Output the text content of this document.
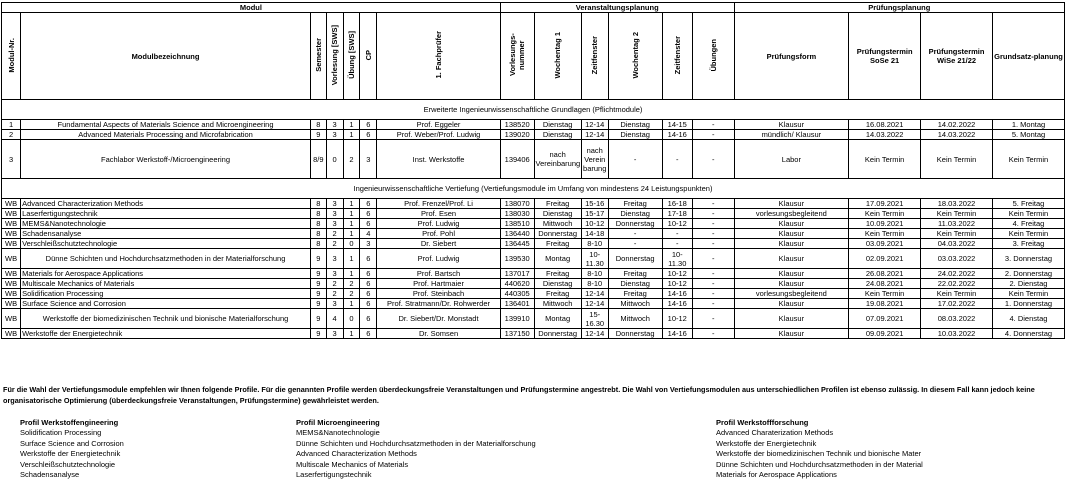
Modul							Veranstaltungsplanung						Prüfungsplanung			
Modul-Nr.	Modulbezeichnung	Semester	Vorlesung [SWS]	Übung [SWS]	CP	1. Fachprüfer	Vorlesungs-nummer	Wochentag 1	Zeitfenster	Wochentag 2	Zeitfenster	Übungen	Prüfungsform	Prüfungstermin SoSe 21	Prüfungstermin WiSe 21/22	Grundsatz-planung
Erweiterte Ingenieurwissenschaftliche Grundlagen (Pflichtmodule)																
1	Fundamental Aspects of Materials Science and Microengineering	8	3	1	6	Prof. Eggeler	138520	Dienstag	12-14	Dienstag	14-15	-	Klausur	16.08.2021	14.02.2022	1. Montag
2	Advanced Materials Processing and Microfabrication	9	3	1	6	Prof. Weber/Prof. Ludwig	139020	Dienstag	12-14	Dienstag	14-16	-	mündlich/ Klausur	14.03.2022	14.03.2022	5. Montag
3	Fachlabor Werkstoff-/Microengineering	8/9	0	2	3	Inst. Werkstoffe	139406	nach Vereinbarung	nach Verein barung	-	-	-	Labor	Kein Termin	Kein Termin	Kein Termin
Ingenieurwissenschaftliche Vertiefung (Vertiefungsmodule im Umfang von mindestens 24 Leistungspunkten)																
WB	Advanced Characterization Methods	8	3	1	6	Prof. Frenzel/Prof. Li	138070	Freitag	15-16	Freitag	16-18	-	Klausur	17.09.2021	18.03.2022	5. Freitag
WB	Laserfertigungstechnik	8	3	1	6	Prof. Esen	138030	Dienstag	15-17	Dienstag	17-18	-	vorlesungsbegleitend	Kein Termin	Kein Termin	Kein Termin
WB	MEMS&Nanotechnologie	8	3	1	6	Prof. Ludwig	138510	Mittwoch	10-12	Donnerstag	10-12	-	Klausur	10.09.2021	11.03.2022	4. Freitag
WB	Schadensanalyse	8	2	1	4	Prof. Pohl	136440	Donnerstag	14-18	-	-	-	Klausur	Kein Termin	Kein Termin	Kein Termin
WB	Verschleißschutztechnologie	8	2	0	3	Dr. Siebert	136445	Freitag	8-10	-	-	-	Klausur	03.09.2021	04.03.2022	3. Freitag
WB	Dünne Schichten und Hochdurchsatzmethoden in der Materialforschung	9	3	1	6	Prof. Ludwig	139530	Montag	10-11.30	Donnerstag	10-11.30	-	Klausur	02.09.2021	03.03.2022	3. Donnerstag
WB	Materials for Aerospace Applications	9	3	1	6	Prof. Bartsch	137017	Freitag	8-10	Freitag	10-12	-	Klausur	26.08.2021	24.02.2022	2. Donnerstag
WB	Multiscale Mechanics of Materials	9	2	2	6	Prof. Hartmaier	440620	Dienstag	8-10	Dienstag	10-12	-	Klausur	24.08.2021	22.02.2022	2. Dienstag
WB	Solidification Processing	9	2	2	6	Prof. Steinbach	440305	Freitag	12-14	Freitag	14-16	-	vorlesungsbegleitend	Kein Termin	Kein Termin	Kein Termin
WB	Surface Science and Corrosion	9	3	1	6	Prof. Stratmann/Dr. Rohwerder	136401	Mittwoch	12-14	Mittwoch	14-16	-	Klausur	19.08.2021	17.02.2022	1. Donnerstag
WB	Werkstoffe der biomedizinischen Technik und bionische Materialforschung	9	4	0	6	Dr. Siebert/Dr. Monstadt	139910	Montag	15-16.30	Mittwoch	10-12	-	Klausur	07.09.2021	08.03.2022	4. Dienstag
WB	Werkstoffe der Energietechnik	9	3	1	6	Dr. Somsen	137150	Donnerstag	12-14	Donnerstag	14-16	-	Klausur	09.09.2021	10.03.2022	4. Donnerstag
Für die Wahl der Vertiefungsmodule empfehlen wir Ihnen folgende Profile. Für die genannten Profile werden überdeckungsfreie Veranstaltungen und Prüfungstermine angestrebt. Die Wahl von Vertiefungsmodulen aus unterschiedlichen Profilen ist ebenso zulässig. In diesem Fall kann jedoch keine organisatorische Optimierung (überdeckungsfreie Veranstaltungen, Prüfungstermine) gewährleistet werden.
Profil Werkstoffengineering
Solidification Processing
Surface Science and Corrosion
Werkstoffe der Energietechnik
Verschleißschutztechnologie
Schadensanalyse
Profil Microengineering
MEMS&Nanotechnologie
Dünne Schichten und Hochdurchsatzmethoden in der Materialforschung
Advanced Characterization Methods
Multiscale Mechanics of Materials
Laserfertigungstechnik
Profil Werkstoffforschung
Advanced Charaterization Methods
Werkstoffe der Energietechnik
Werkstoffe der biomedizinischen Technik und bionische Mater
Dünne Schichten und Hochdurchsatzmethoden in der Material
Materials for Aerospace Applications
